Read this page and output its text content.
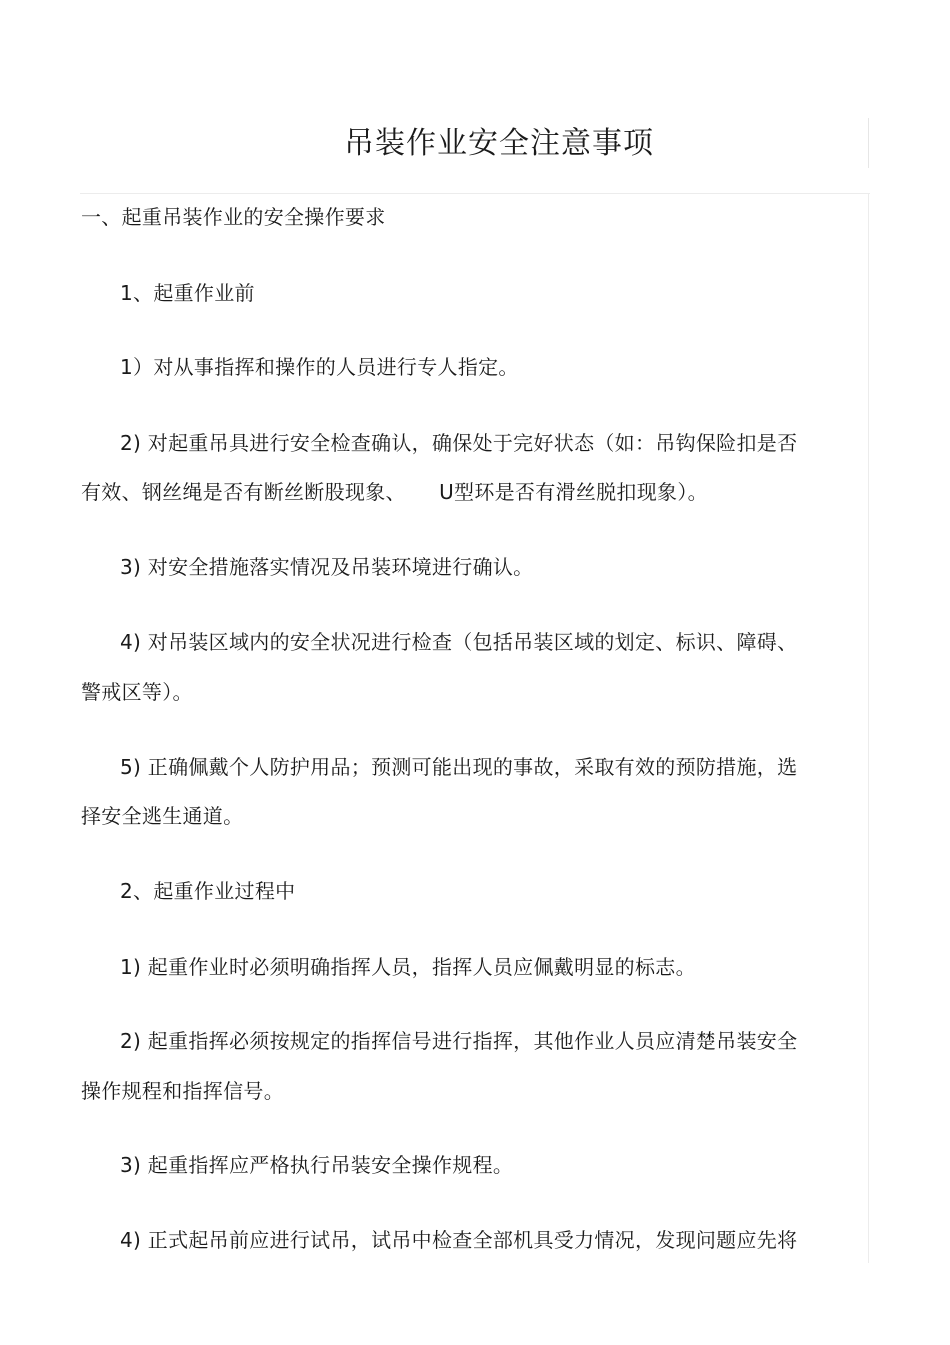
吊装作业安全注意事项
一、起重吊装作业的安全操作要求
1、起重作业前
1）对从事指挥和操作的人员进行专人指定。
2) 对起重吊具进行安全检查确认，确保处于完好状态（如：吊钩保险扣是否
有效、钢丝绳是否有断丝断股现象、     U型环是否有滑丝脱扣现象）。
3) 对安全措施落实情况及吊装环境进行确认。
4) 对吊装区域内的安全状况进行检查（包括吊装区域的划定、标识、障碍、
警戒区等）。
5) 正确佩戴个人防护用品；预测可能出现的事故，采取有效的预防措施，选
择安全逃生通道。
2、起重作业过程中
1) 起重作业时必须明确指挥人员，指挥人员应佩戴明显的标志。
2) 起重指挥必须按规定的指挥信号进行指挥，其他作业人员应清楚吊装安全
操作规程和指挥信号。
3) 起重指挥应严格执行吊装安全操作规程。
4) 正式起吊前应进行试吊，试吊中检查全部机具受力情况，发现问题应先将
